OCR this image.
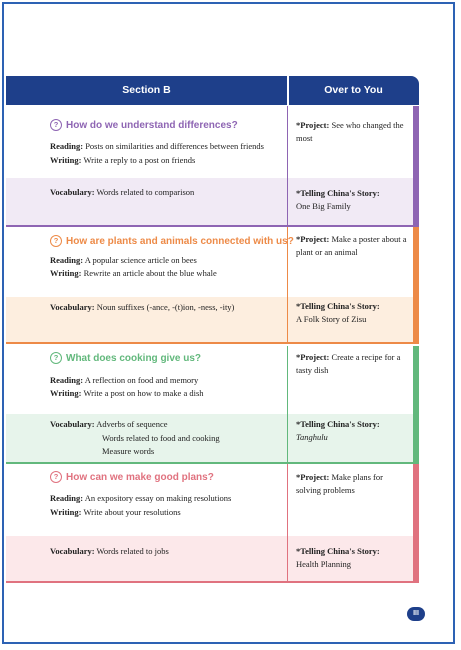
Section B	Over to You
? How do we understand differences?
Reading: Posts on similarities and differences between friends
Writing: Write a reply to a post on friends
Vocabulary: Words related to comparison
*Project: See who changed the most
*Telling China's Story:
One Big Family
? How are plants and animals connected with us?
Reading: A popular science article on bees
Writing: Rewrite an article about the blue whale
Vocabulary: Noun suffixes (-ance, -(t)ion, -ness, -ity)
*Project: Make a poster about a plant or an animal
*Telling China's Story:
A Folk Story of Zisu
? What does cooking give us?
Reading: A reflection on food and memory
Writing: Write a post on how to make a dish
Vocabulary: Adverbs of sequence
Words related to food and cooking
Measure words
*Project: Create a recipe for a tasty dish
*Telling China's Story:
Tanghulu
? How can we make good plans?
Reading: An expository essay on making resolutions
Writing: Write about your resolutions
Vocabulary: Words related to jobs
*Project: Make plans for solving problems
*Telling China's Story:
Health Planning
III
